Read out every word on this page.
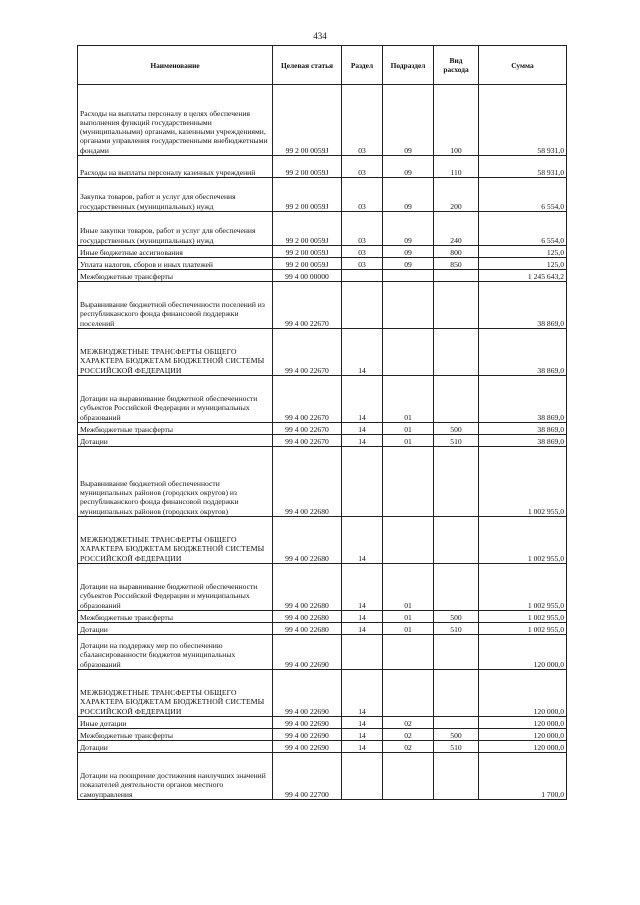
434
Наименование	Целевая статья	Раздел	Подраздел	Вид расхода	Сумма
Расходы на выплаты персоналу в целях обеспечения выполнения функций государственными (муниципальными) органами, казенными учреждениями, органами управления государственными внебюджетными фондами	99 2 00 0059J	03	09	100	58 931,0
Расходы на выплаты персоналу казенных учреждений	99 2 00 0059J	03	09	110	58 931,0
Закупка товаров, работ и услуг для обеспечения государственных (муниципальных) нужд	99 2 00 0059J	03	09	200	6 554,0
Иные закупки товаров, работ и услуг для обеспечения государственных (муниципальных) нужд	99 2 00 0059J	03	09	240	6 554,0
Иные бюджетные ассигнования	99 2 00 0059J	03	09	800	125,0
Уплата налогов, сборов и иных платежей	99 2 00 0059J	03	09	850	125,0
Межбюджетные трансферты	99 4 00 00000				1 245 643,2
Выравнивание бюджетной обеспеченности поселений из республиканского фонда финансовой поддержки поселений	99 4 00 22670				38 869,0
МЕЖБЮДЖЕТНЫЕ ТРАНСФЕРТЫ ОБЩЕГО ХАРАКТЕРА БЮДЖЕТАМ БЮДЖЕТНОЙ СИСТЕМЫ РОССИЙСКОЙ ФЕДЕРАЦИИ	99 4 00 22670	14			38 869,0
Дотации на выравнивание бюджетной обеспеченности субъектов Российской Федерации и муниципальных образований	99 4 00 22670	14	01		38 869,0
Межбюджетные трансферты	99 4 00 22670	14	01	500	38 869,0
Дотации	99 4 00 22670	14	01	510	38 869,0
Выравнивание бюджетной обеспеченности муниципальных районов (городских округов) из республиканского фонда финансовой поддержки муниципальных районов (городских округов)	99 4 00 22680				1 002 955,0
МЕЖБЮДЖЕТНЫЕ ТРАНСФЕРТЫ ОБЩЕГО ХАРАКТЕРА БЮДЖЕТАМ БЮДЖЕТНОЙ СИСТЕМЫ РОССИЙСКОЙ ФЕДЕРАЦИИ	99 4 00 22680	14			1 002 955,0
Дотации на выравнивание бюджетной обеспеченности субъектов Российской Федерации и муниципальных образований	99 4 00 22680	14	01		1 002 955,0
Межбюджетные трансферты	99 4 00 22680	14	01	500	1 002 955,0
Дотации	99 4 00 22680	14	01	510	1 002 955,0
Дотации на поддержку мер по обеспечению сбалансированности бюджетов муниципальных образований	99 4 00 22690				120 000,0
МЕЖБЮДЖЕТНЫЕ ТРАНСФЕРТЫ ОБЩЕГО ХАРАКТЕРА БЮДЖЕТАМ БЮДЖЕТНОЙ СИСТЕМЫ РОССИЙСКОЙ ФЕДЕРАЦИИ	99 4 00 22690	14			120 000,0
Иные дотации	99 4 00 22690	14	02		120 000,0
Межбюджетные трансферты	99 4 00 22690	14	02	500	120 000,0
Дотации	99 4 00 22690	14	02	510	120 000,0
Дотации на поощрение достижения наилучших значений показателей деятельности органов местного самоуправления	99 4 00 22700				1 700,0
